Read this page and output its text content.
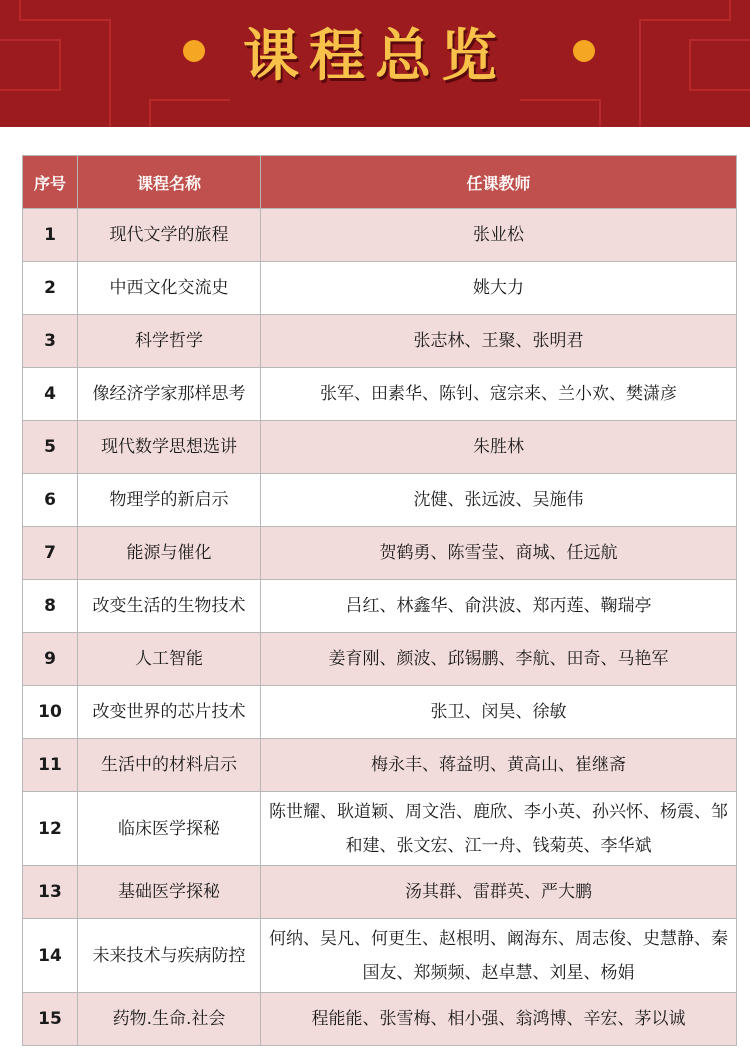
课程总览
序号	课程名称	任课教师
1	现代文学的旅程	张业松
2	中西文化交流史	姚大力
3	科学哲学	张志林、王聚、张明君
4	像经济学家那样思考	张军、田素华、陈钊、寇宗来、兰小欢、樊潇彦
5	现代数学思想选讲	朱胜林
6	物理学的新启示	沈健、张远波、吴施伟
7	能源与催化	贺鹤勇、陈雪莹、商城、任远航
8	改变生活的生物技术	吕红、林鑫华、俞洪波、郑丙莲、鞠瑞亭
9	人工智能	姜育刚、颜波、邱锡鹏、李航、田奇、马艳军
10	改变世界的芯片技术	张卫、闵昊、徐敏
11	生活中的材料启示	梅永丰、蒋益明、黄高山、崔继斋
12	临床医学探秘	陈世耀、耿道颖、周文浩、鹿欣、李小英、孙兴怀、杨震、邹和建、张文宏、江一舟、钱菊英、李华斌
13	基础医学探秘	汤其群、雷群英、严大鹏
14	未来技术与疾病防控	何纳、吴凡、何更生、赵根明、阚海东、周志俊、史慧静、秦国友、郑频频、赵卓慧、刘星、杨娟
15	药物.生命.社会	程能能、张雪梅、相小强、翁鸿博、辛宏、茅以诚
